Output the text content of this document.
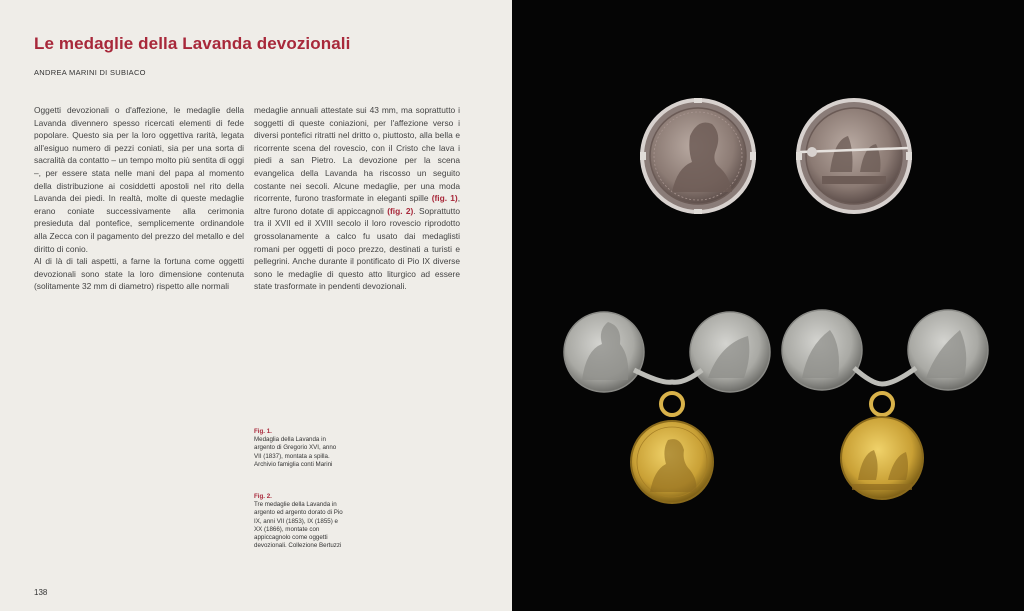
Le medaglie della Lavanda devozionali
ANDREA MARINI DI SUBIACO

Oggetti devozionali o d'affezione, le medaglie della Lavanda divennero spesso ricercati elementi di fede popolare. Questo sia per la loro oggettiva rarità, legata all'esiguo numero di pezzi coniati, sia per una sorta di sacralità da contatto – un tempo molto più sentita di oggi –, per essere stata nelle mani del papa al momento della distribuzione ai cosiddetti apostoli nel rito della Lavanda dei piedi. In realtà, molte di queste medaglie erano coniate successivamente alla cerimonia presieduta dal pontefice, semplicemente ordinandole alla Zecca con il pagamento del prezzo del metallo e del diritto di conio.

Al di là di tali aspetti, a farne la fortuna come oggetti devozionali sono state la loro dimensione contenuta (solitamente 32 mm di diametro) rispetto alle normali

medaglie annuali attestate sui 43 mm, ma soprattutto i soggetti di queste coniazioni, per l'affezione verso i diversi pontefici ritratti nel dritto o, piuttosto, alla bella e ricorrente scena del rovescio, con il Cristo che lava i piedi a san Pietro. La devozione per la scena evangelica della Lavanda ha riscosso un seguito costante nei secoli. Alcune medaglie, per una moda ricorrente, furono trasformate in eleganti spille (fig. 1), altre furono dotate di appiccagnoli (fig. 2). Soprattutto tra il XVII ed il XVIII secolo il loro rovescio riprodotto grossolanamente a calco fu usato dai medaglisti romani per oggetti di poco prezzo, destinati a turisti e pellegrini. Anche durante il pontificato di Pio IX diverse sono le medaglie di questo atto liturgico ad essere state trasformate in pendenti devozionali.

Fig. 1.
Medaglia della Lavanda in argento di Gregorio XVI, anno VII (1837), montata a spilla. Archivio famiglia conti Marini
Fig. 2.
Tre medaglie della Lavanda in argento ed argento dorato di Pio IX, anni VII (1853), IX (1855) e XX (1866), montate con appiccagnolo come oggetti devozionali. Collezione Bertuzzi
138
